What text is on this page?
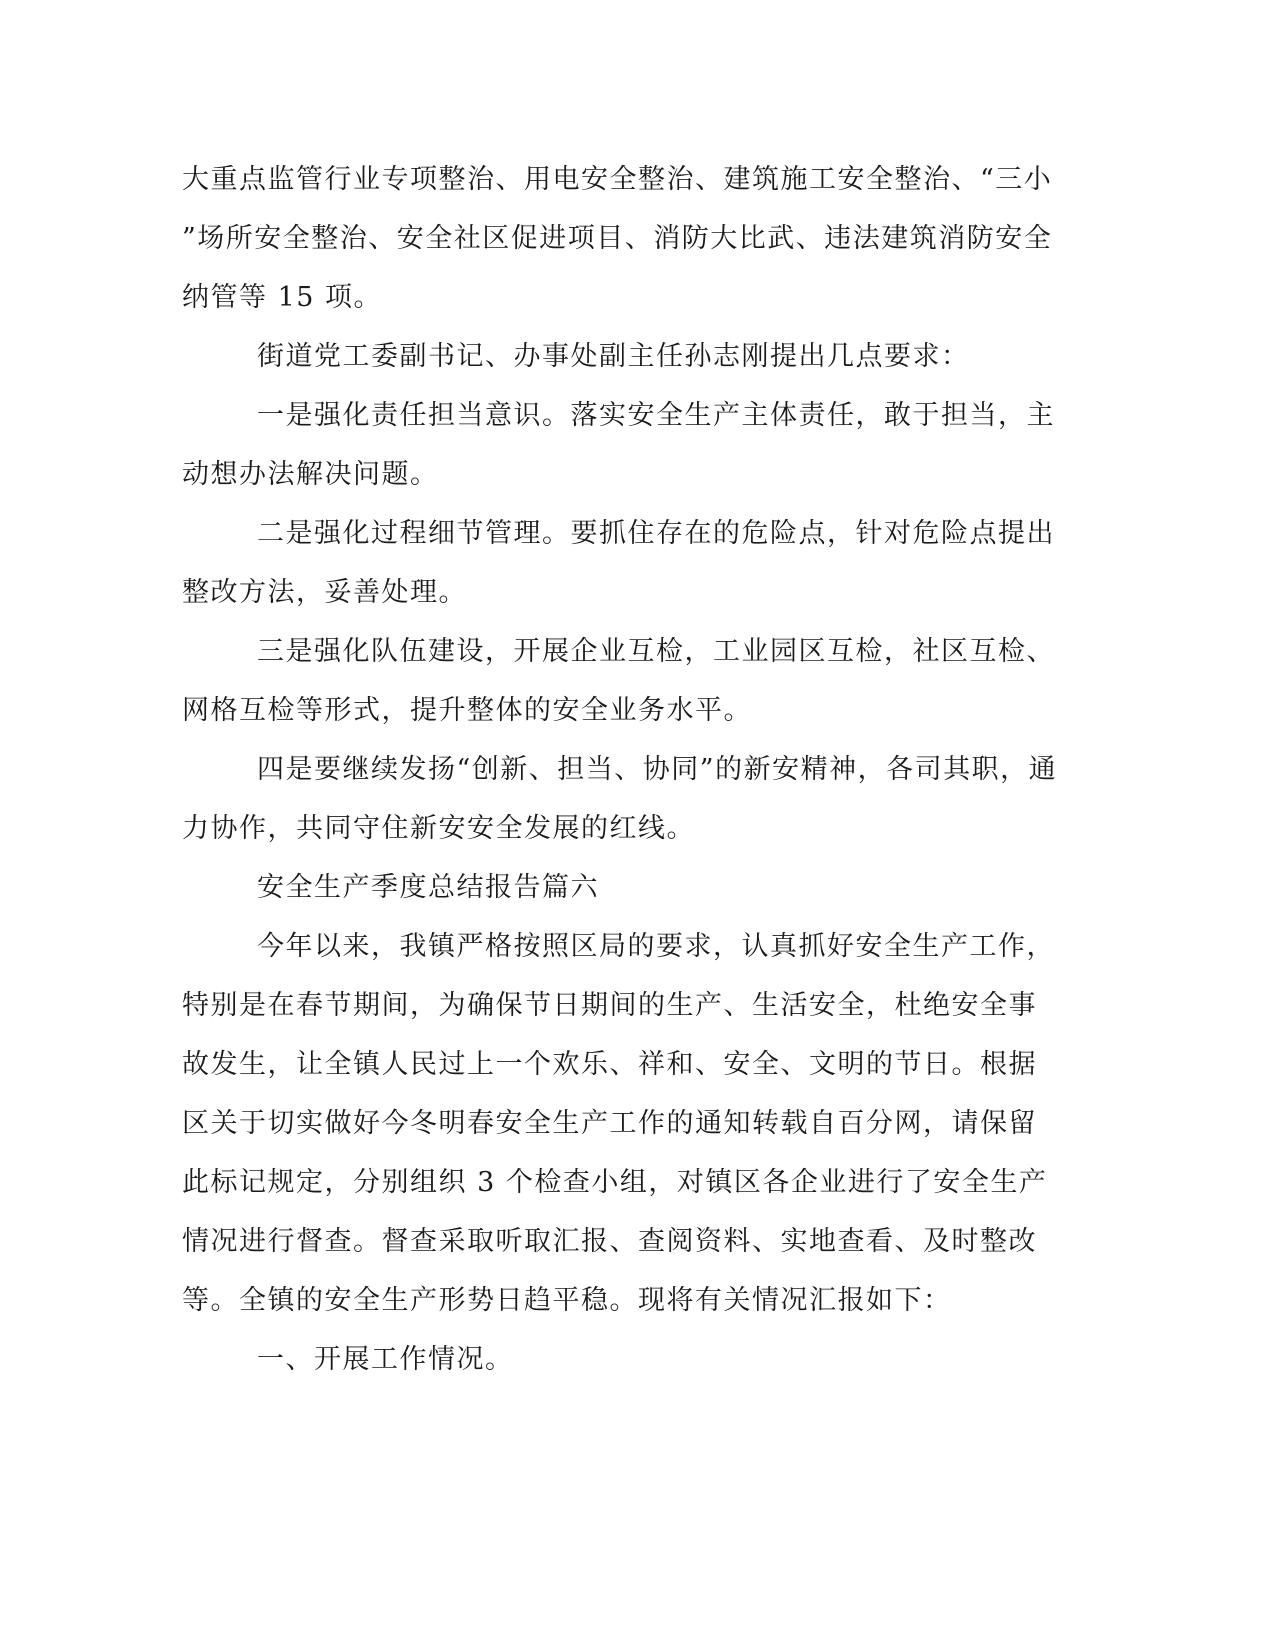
大重点监管行业专项整治、用电安全整治、建筑施工安全整治、“三小
”场所安全整治、安全社区促进项目、消防大比武、违法建筑消防安全
纳管等 15 项。
街道党工委副书记、办事处副主任孙志刚提出几点要求：
一是强化责任担当意识。落实安全生产主体责任，敢于担当，主
动想办法解决问题。
二是强化过程细节管理。要抓住存在的危险点，针对危险点提出
整改方法，妥善处理。
三是强化队伍建设，开展企业互检，工业园区互检，社区互检、
网格互检等形式，提升整体的安全业务水平。
四是要继续发扬“创新、担当、协同”的新安精神，各司其职，通
力协作，共同守住新安安全发展的红线。
安全生产季度总结报告篇六
今年以来，我镇严格按照区局的要求，认真抓好安全生产工作，
特别是在春节期间，为确保节日期间的生产、生活安全，杜绝安全事
故发生，让全镇人民过上一个欢乐、祥和、安全、文明的节日。根据
区关于切实做好今冬明春安全生产工作的通知转载自百分网，请保留
此标记规定，分别组织 3 个检查小组，对镇区各企业进行了安全生产
情况进行督查。督查采取听取汇报、查阅资料、实地查看、及时整改
等。全镇的安全生产形势日趋平稳。现将有关情况汇报如下：
一、开展工作情况。
